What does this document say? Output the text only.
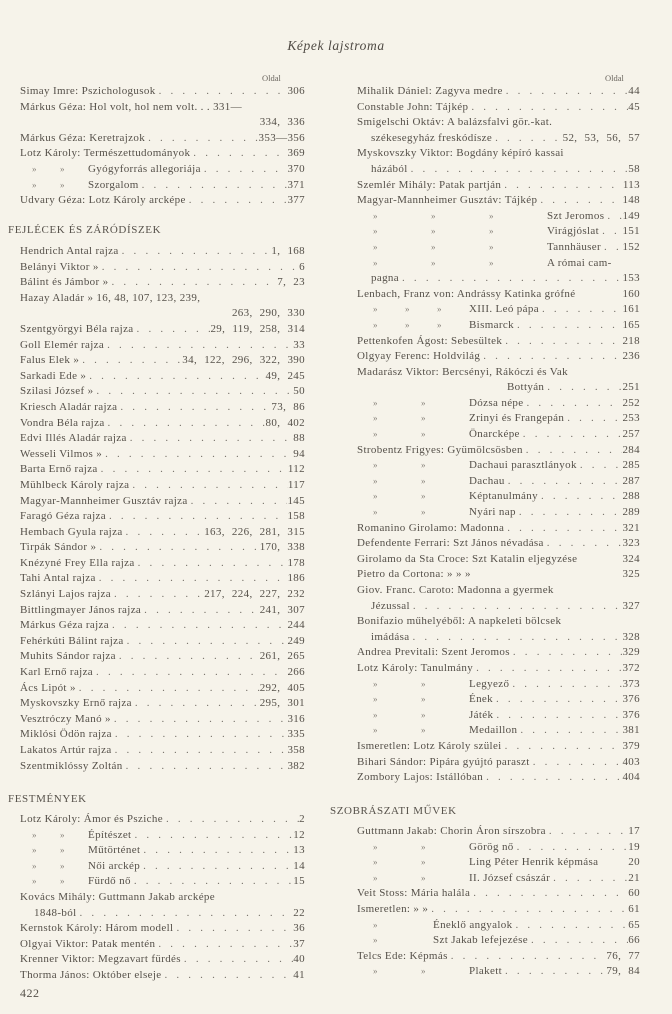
Képek lajstroma
Oldal	Oldal
FEJLÉCEK ÉS ZÁRÓDÍSZEK
FESTMÉNYEK
SZOBRÁSZATI MŰVEK
Simay Imre: Pszichologusok . . .	306
Márkus Géza: Hol volt, hol nem volt. . . 331—
334, 336
Márkus Géza: Keretrajzok . . .	353—356
Lotz Károly: Természettudományok . . .	369
»	» Gyógyforrás allegoriája . . .	370
»	» Szorgalom . . .	371
Udvary Géza: Lotz Károly arcképe . . .	377
Hendrich Antal rajza . . .	1, 168
Belányi Viktor » . . .	6
Bálint és Jámbor » . . .	7, 23
Hazay Aladár » 16, 48, 107, 123, 239,
263, 290, 330
Szentgyörgyi Béla rajza . . .	29, 119, 258, 314
Goll Elemér rajza . . .	33
Falus Elek » . . .	34, 122, 296, 322, 390
Sarkadi Ede » . . .	49, 245
Szilasi József » . . .	50
Kriesch Aladár rajza . . .	73, 86
Vondra Béla rajza . . .	80, 402
Edvi Illés Aladár rajza . . .	88
Wesseli Vilmos » . . .	94
Barta Ernő rajza . . .	112
Mühlbeck Károly rajza . . .	117
Magyar-Mannheimer Gusztáv rajza . . .	145
Faragó Géza rajza . . .	158
Hembach Gyula rajza . . .	163, 226, 281, 315
Tirpák Sándor » . . .	170, 338
Knézyné Frey Ella rajza . . .	178
Tahi Antal rajza . . .	186
Szlányi Lajos rajza . . .	217, 224, 227, 232
Bittlingmayer János rajza . . .	241, 307
Márkus Géza rajza . . .	244
Fehérkúti Bálint rajza . . .	249
Muhits Sándor rajza . . .	261, 265
Karl Ernő rajza . . .	266
Ács Lipót » . . .	292, 405
Myskovszky Ernő rajza . . .	295, 301
Vesztróczy Manó » . . .	316
Miklósi Ödön rajza . . .	335
Lakatos Artúr rajza . . .	358
Szentmiklóssy Zoltán . . .	382
Lotz Károly: Ámor és Psziche . . .	2
»	» Építészet . . .	12
»	» Műtörténet . . .	13
»	» Női arckép . . .	14
»	» Fürdő nő . . .	15
Kovács Mihály: Guttmann Jakab arcképe
1848-ból . . .	22
Kernstok Károly: Három modell . . .	36
Olgyai Viktor: Patak mentén . . .	37
Krenner Viktor: Megzavart fürdés . . .	40
Thorma János: Október elseje . . .	41
Mihalik Dániel: Zagyva medre . . .	44
Constable John: Tájkép . . .	45
Smigelschi Oktáv: A balázsfalvi gör.-kat.
székesegyház freskódísze . . .	52, 53, 56, 57
Myskovszky Viktor: Bogdány képíró kassai
házából . . .	58
Szemlér Mihály: Patak partján . . .	113
Magyar-Mannheimer Gusztáv: Tájkép . . .	148
»	»	»	Szt Jeromos . . . 149
»	»	»	Virágjóslat . . . 151
»	»	»	Tannhäuser . . . 152
»	»	»	A római cam-
pagna . . .	153
Lenbach, Franz von: Andrássy Katinka grófné	160
»	»	» XIII. Leó pápa . . .	161
»	»	» Bismarck . . .	165
Pettenkofen Ágost: Sebesültek . . .	218
Olgyay Ferenc: Holdvilág . . .	236
Madarász Viktor: Bercsényi, Rákóczi és Vak
Bottyán . . .	251
»	»	Dózsa népe . . .	252
»	»	Zrinyi és Frangepán . . .	253
»	»	Önarcképe . . .	257
Strobentz Frigyes: Gyümölcsösben . . .	284
»	»	Dachaui parasztlányok . . .	285
»	»	Dachau . . .	287
»	»	Képtanulmány . . .	288
»	»	Nyári nap . . .	289
Romanino Girolamo: Madonna . . .	321
Defendente Ferrari: Szt János névadása . . .	323
Girolamo da Sta Croce: Szt Katalin eljegyzése	324
Pietro da Cortona: » » »	325
Giov. Franc. Caroto: Madonna a gyermek
Jézussal . . .	327
Bonifazio műhelyéből: A napkeleti bölcsek
imádása . . .	328
Andrea Previtali: Szent Jeromos . . .	329
Lotz Károly: Tanulmány . . .	372
»	»	Legyező . . .	373
»	»	Ének . . .	376
»	»	Játék . . .	376
»	»	Medaillon . . .	381
Ismeretlen: Lotz Károly szülei . . .	379
Bihari Sándor: Pipára gyújtó paraszt . . .	403
Zombory Lajos: Istállóban . . .	404
Guttmann Jakab: Chorin Áron sírszobra . . .	17
»	»	Görög nő . . .	19
»	»	Ling Péter Henrik képmása	20
»	»	II. József császár . . .	21
Veit Stoss: Mária halála . . .	60
Ismeretlen: » » . . .	61
»	Éneklő angyalok . . .	65
»	Szt Jakab lefejezése . . .	66
Telcs Ede: Képmás . . .	76, 77
»	»	Plakett . . .	79, 84
422
